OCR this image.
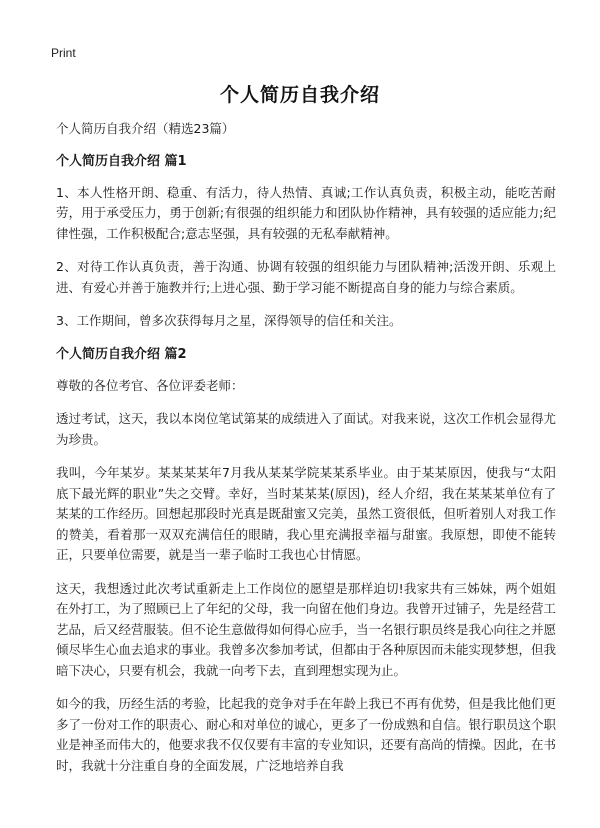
Print
个人简历自我介绍

个人简历自我介绍（精选23篇）

个人简历自我介绍 篇1

1、本人性格开朗、稳重、有活力，待人热情、真诚;工作认真负责，积极主动，能吃苦耐劳，用于承受压力，勇于创新;有很强的组织能力和团队协作精神，具有较强的适应能力;纪律性强，工作积极配合;意志坚强，具有较强的无私奉献精神。

2、对待工作认真负责，善于沟通、协调有较强的组织能力与团队精神;活泼开朗、乐观上进、有爱心并善于施教并行;上进心强、勤于学习能不断提高自身的能力与综合素质。

3、工作期间，曾多次获得每月之星，深得领导的信任和关注。

个人简历自我介绍 篇2

尊敬的各位考官、各位评委老师：

透过考试，这天，我以本岗位笔试第某的成绩进入了面试。对我来说，这次工作机会显得尤为珍贵。

我叫，今年某岁。某某某某年7月我从某某学院某某系毕业。由于某某原因，使我与“太阳底下最光辉的职业”失之交臂。幸好，当时某某某(原因)，经人介绍，我在某某某单位有了某某的工作经历。回想起那段时光真是既甜蜜又完美，虽然工资很低，但听着别人对我工作的赞美，看着那一双双充满信任的眼睛，我心里充满报幸福与甜蜜。我原想，即使不能转正，只要单位需要，就是当一辈子临时工我也心甘情愿。

这天，我想透过此次考试重新走上工作岗位的愿望是那样迫切!我家共有三姊妹，两个姐姐在外打工，为了照顾已上了年纪的父母，我一向留在他们身边。我曾开过铺子，先是经营工艺品，后又经营服装。但不论生意做得如何得心应手，当一名银行职员终是我心向往之并愿倾尽毕生心血去追求的事业。我曾多次参加考试，但都由于各种原因而未能实现梦想，但我暗下决心，只要有机会，我就一向考下去，直到理想实现为止。

如今的我，历经生活的考验，比起我的竞争对手在年龄上我已不再有优势，但是我比他们更多了一份对工作的职责心、耐心和对单位的诚心，更多了一份成熟和自信。银行职员这个职业是神圣而伟大的，他要求我不仅仅要有丰富的专业知识，还要有高尚的情操。因此，在书时，我就十分注重自身的全面发展，广泛地培养自我
